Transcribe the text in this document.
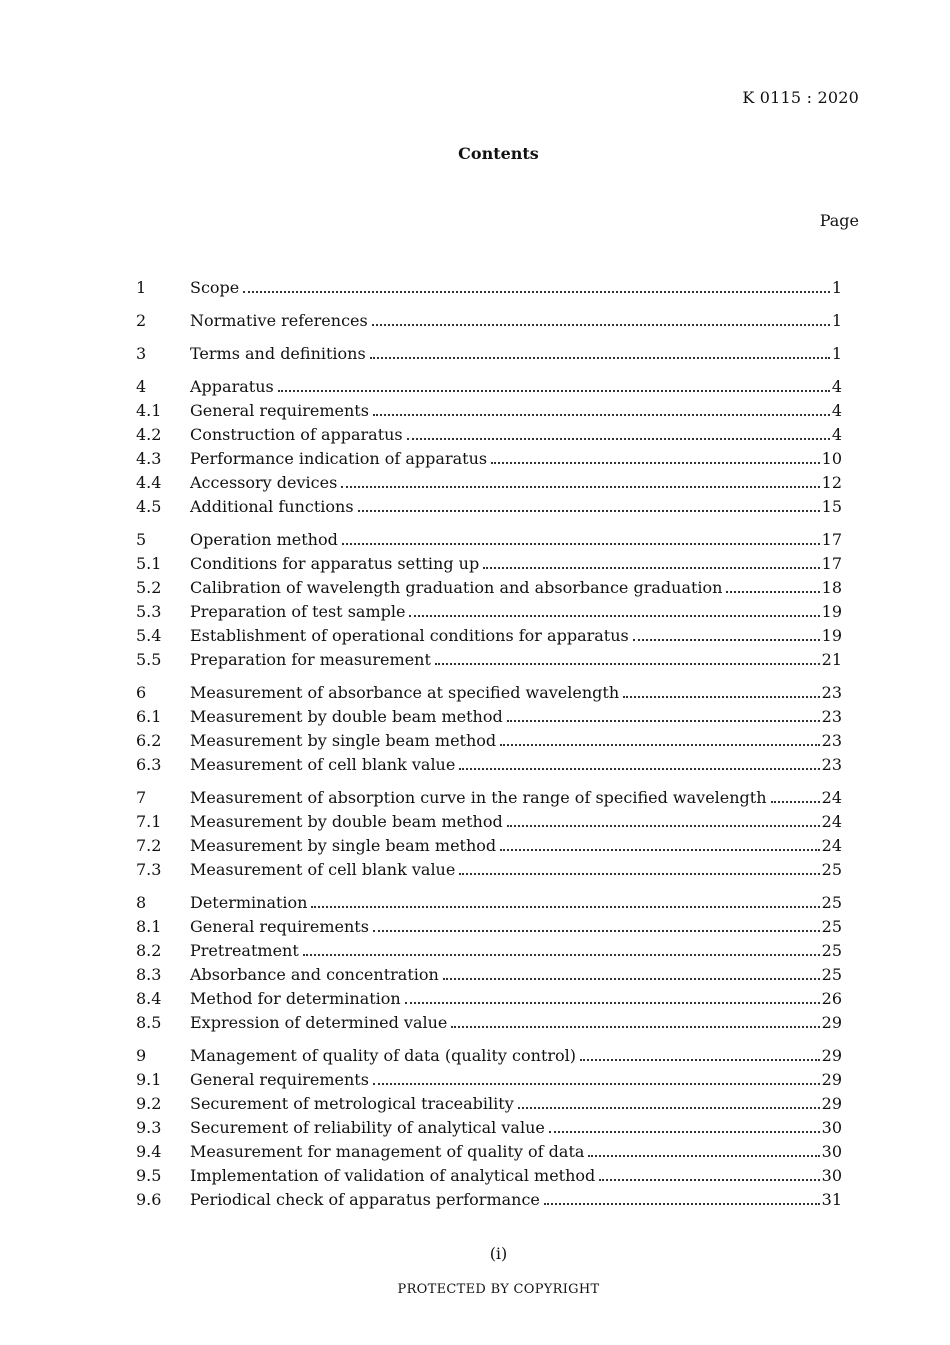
K 0115 : 2020
Contents
Page
1	Scope	1
2	Normative references	1
3	Terms and definitions	1
4	Apparatus	4
4.1	General requirements	4
4.2	Construction of apparatus	4
4.3	Performance indication of apparatus	10
4.4	Accessory devices	12
4.5	Additional functions	15
5	Operation method	17
5.1	Conditions for apparatus setting up	17
5.2	Calibration of wavelength graduation and absorbance graduation	18
5.3	Preparation of test sample	19
5.4	Establishment of operational conditions for apparatus	19
5.5	Preparation for measurement	21
6	Measurement of absorbance at specified wavelength	23
6.1	Measurement by double beam method	23
6.2	Measurement by single beam method	23
6.3	Measurement of cell blank value	23
7	Measurement of absorption curve in the range of specified wavelength	24
7.1	Measurement by double beam method	24
7.2	Measurement by single beam method	24
7.3	Measurement of cell blank value	25
8	Determination	25
8.1	General requirements	25
8.2	Pretreatment	25
8.3	Absorbance and concentration	25
8.4	Method for determination	26
8.5	Expression of determined value	29
9	Management of quality of data (quality control)	29
9.1	General requirements	29
9.2	Securement of metrological traceability	29
9.3	Securement of reliability of analytical value	30
9.4	Measurement for management of quality of data	30
9.5	Implementation of validation of analytical method	30
9.6	Periodical check of apparatus performance	31
(i)
PROTECTED BY COPYRIGHT
